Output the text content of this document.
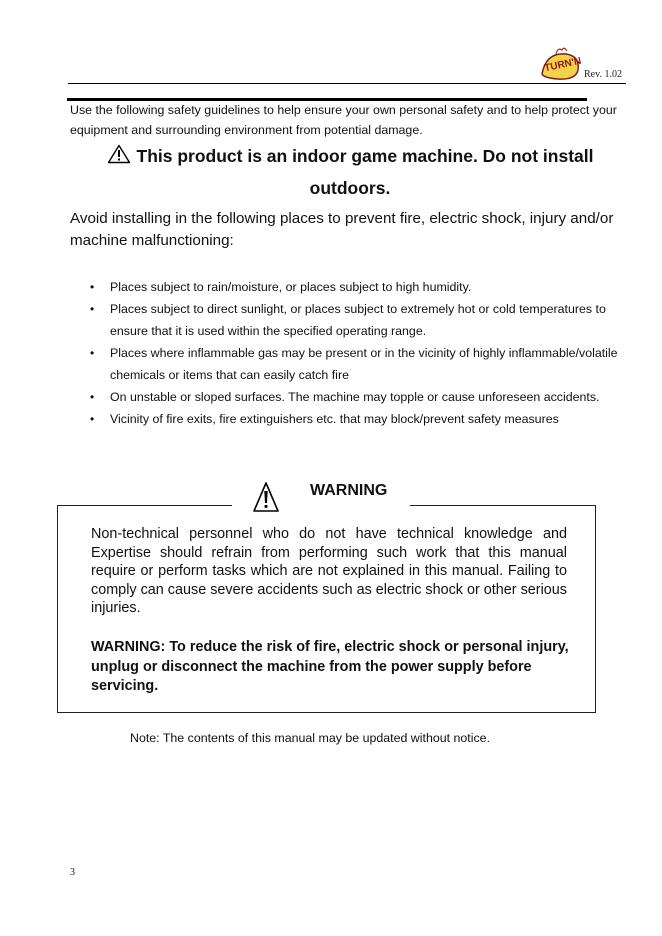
TURN'N
Rev. 1.02
Use the following safety guidelines to help ensure your own personal safety and to help protect your equipment and surrounding environment from potential damage.
This product is an indoor game machine. Do not install outdoors.
Avoid installing in the following places to prevent fire, electric shock, injury and/or machine malfunctioning:
• Places subject to rain/moisture, or places subject to high humidity.
• Places subject to direct sunlight, or places subject to extremely hot or cold temperatures to ensure that it is used within the specified operating range.
• Places where inflammable gas may be present or in the vicinity of highly inflammable/volatile chemicals or items that can easily catch fire
• On unstable or sloped surfaces. The machine may topple or cause unforeseen accidents.
• Vicinity of fire exits, fire extinguishers etc. that may block/prevent safety measures
WARNING
Non-technical personnel who do not have technical knowledge and Expertise should refrain from performing such work that this manual require or perform tasks which are not explained in this manual. Failing to comply can cause severe accidents such as electric shock or other serious injuries.
WARNING: To reduce the risk of fire, electric shock or personal injury, unplug or disconnect the machine from the power supply before servicing.
Note: The contents of this manual may be updated without notice.
3
